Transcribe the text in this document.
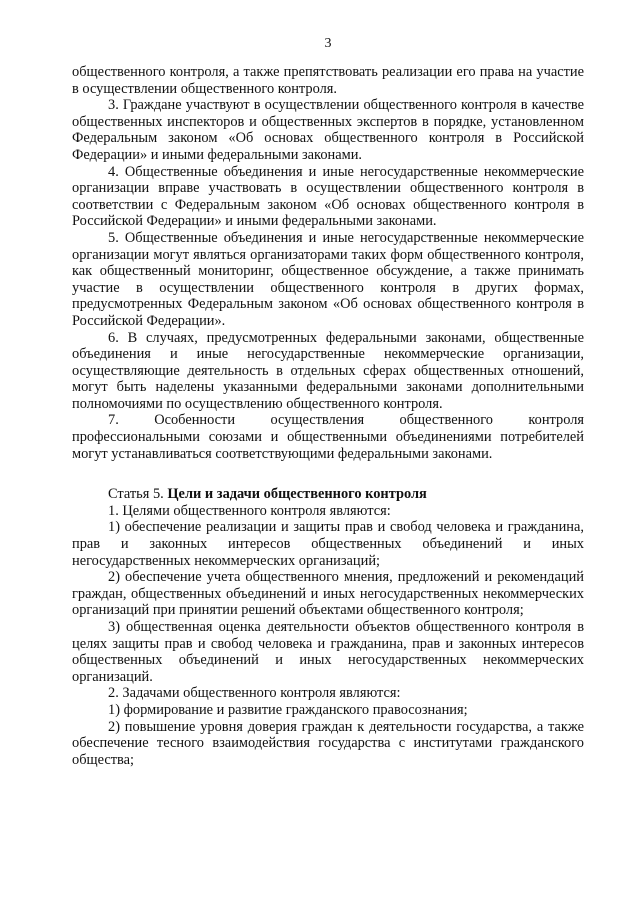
3

общественного контроля, а также препятствовать реализации его права на участие в осуществлении общественного контроля.

3. Граждане участвуют в осуществлении общественного контроля в качестве общественных инспекторов и общественных экспертов в порядке, установленном Федеральным законом «Об основах общественного контроля в Российской Федерации» и иными федеральными законами.

4. Общественные объединения и иные негосударственные некоммерческие организации вправе участвовать в осуществлении общественного контроля в соответствии с Федеральным законом «Об основах общественного контроля в Российской Федерации» и иными федеральными законами.

5. Общественные объединения и иные негосударственные некоммерческие организации могут являться организаторами таких форм общественного контроля, как общественный мониторинг, общественное обсуждение, а также принимать участие в осуществлении общественного контроля в других формах, предусмотренных Федеральным законом «Об основах общественного контроля в Российской Федерации».

6. В случаях, предусмотренных федеральными законами, общественные объединения и иные негосударственные некоммерческие организации, осуществляющие деятельность в отдельных сферах общественных отношений, могут быть наделены указанными федеральными законами дополнительными полномочиями по осуществлению общественного контроля.

7. Особенности осуществления общественного контроля профессиональными союзами и общественными объединениями потребителей могут устанавливаться соответствующими федеральными законами.

Статья 5. Цели и задачи общественного контроля

1. Целями общественного контроля являются:

1) обеспечение реализации и защиты прав и свобод человека и гражданина, прав и законных интересов общественных объединений и иных негосударственных некоммерческих организаций;

2) обеспечение учета общественного мнения, предложений и рекомендаций граждан, общественных объединений и иных негосударственных некоммерческих организаций при принятии решений объектами общественного контроля;

3) общественная оценка деятельности объектов общественного контроля в целях защиты прав и свобод человека и гражданина, прав и законных интересов общественных объединений и иных негосударственных некоммерческих организаций.

2. Задачами общественного контроля являются:

1) формирование и развитие гражданского правосознания;

2) повышение уровня доверия граждан к деятельности государства, а также обеспечение тесного взаимодействия государства с институтами гражданского общества;
